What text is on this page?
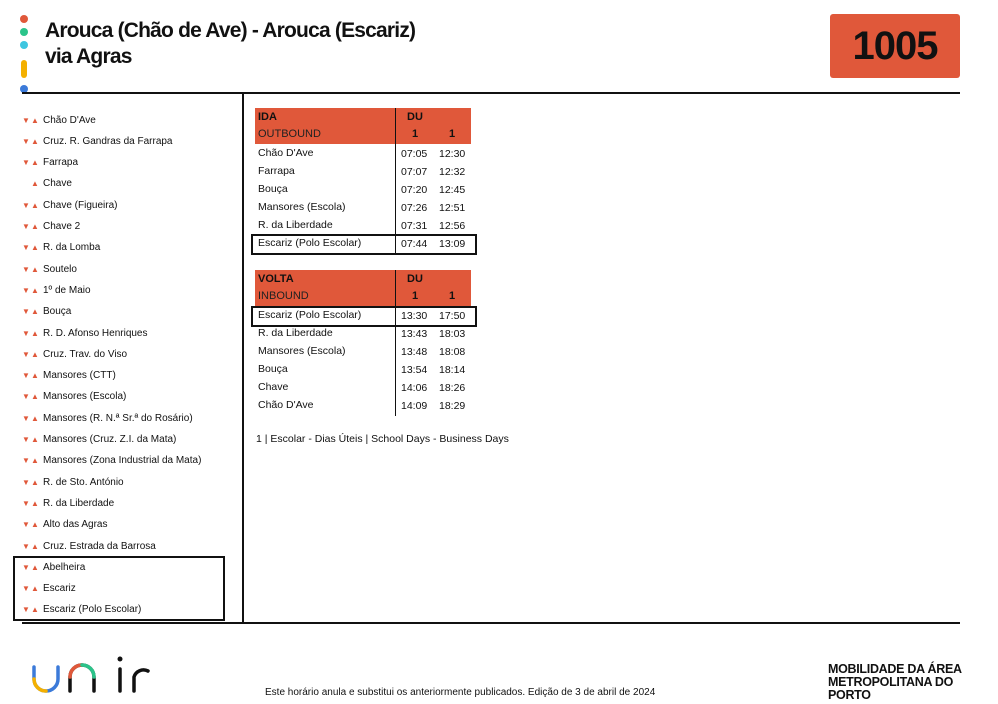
Arouca (Chão de Ave) - Arouca (Escariz)
via Agras	1005
▼ ▲ Chão D'Ave
▼ ▲ Cruz. R. Gandras da Farrapa
▼ ▲ Farrapa
▲ Chave
▼ ▲ Chave (Figueira)
▼ ▲ Chave 2
▼ ▲ R. da Lomba
▼ ▲ Soutelo
▼ ▲ 1º de Maio
▼ ▲ Bouça
▼ ▲ R. D. Afonso Henriques
▼ ▲ Cruz. Trav. do Viso
▼ ▲ Mansores (CTT)
▼ ▲ Mansores (Escola)
▼ ▲ Mansores (R. N.ª Sr.ª do Rosário)
▼ ▲ Mansores (Cruz. Z.I. da Mata)
▼ ▲ Mansores (Zona Industrial da Mata)
▼ ▲ R. de Sto. António
▼ ▲ R. da Liberdade
▼ ▲ Alto das Agras
▼ ▲ Cruz. Estrada da Barrosa
▼ ▲ Abelheira
▼ ▲ Escariz
▼ ▲ Escariz (Polo Escolar)
IDA
OUTBOUND
DU
1	1
Chão D'Ave	07:05 12:30
Farrapa	07:07 12:32
Bouça	07:20 12:45
Mansores (Escola)	07:26 12:51
R. da Liberdade	07:31 12:56
Escariz (Polo Escolar)	07:44 13:09
VOLTA
INBOUND
DU
1	1
Escariz (Polo Escolar)	13:30 17:50
R. da Liberdade	13:43 18:03
Mansores (Escola)	13:48 18:08
Bouça	13:54 18:14
Chave	14:06 18:26
Chão D'Ave	14:09 18:29
1 | Escolar - Dias Úteis | School Days - Business Days
Este horário anula e substitui os anteriormente publicados. Edição de 3 de abril de 2024
MOBILIDADE DA ÁREA
METROPOLITANA DO PORTO
